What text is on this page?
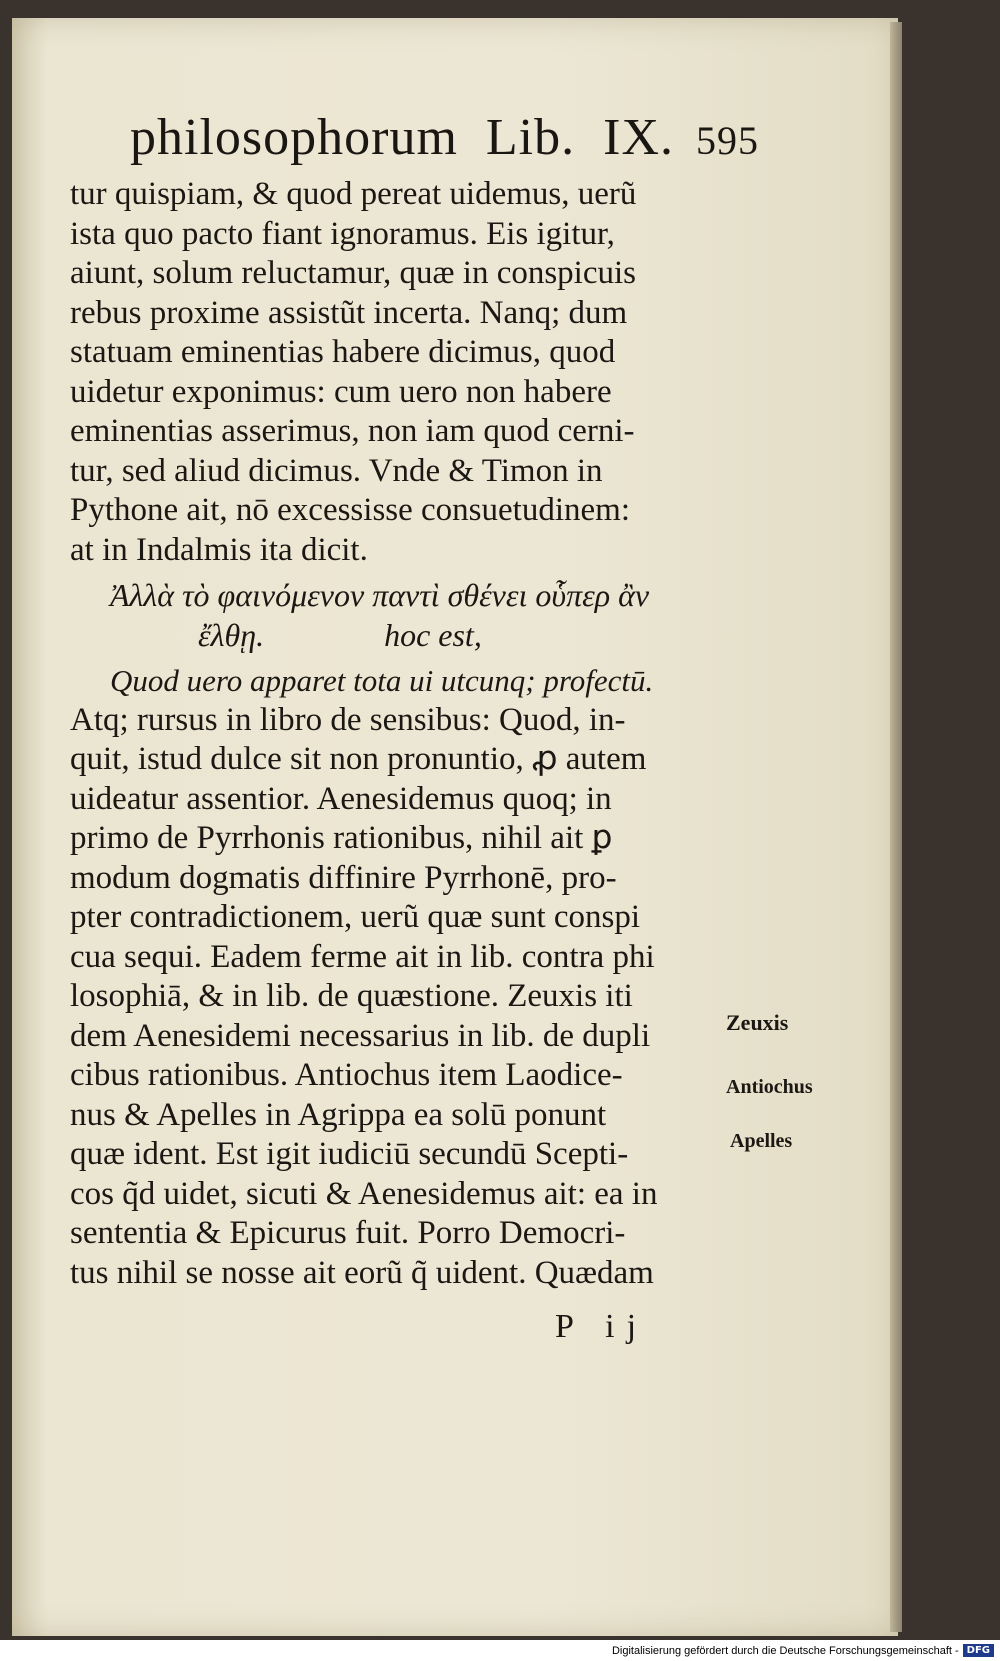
philosophorum Lib. IX. 595
tur quispiam, & quod pereat uidemus, uerũ
ista quo pacto fiant ignoramus. Eis igitur,
aiunt, solum reluctamur, quæ in conspicuis
rebus proxime assistũt incerta. Nanq; dum
statuam eminentias habere dicimus, quod
uidetur exponimus: cum uero non habere
eminentias asserimus, non iam quod cerni-
tur, sed aliud dicimus. Vnde & Timon in
Pythone ait, nō excessisse consuetudinem:
at in Indalmis ita dicit.
Ἀλλὰ τὸ φαινόμενον παντὶ σθένει οὗπερ ἂν
ἔλθῃ.	hoc est,
Quod uero apparet tota ui utcunq; profectū.
Atq; rursus in libro de sensibus: Quod, in-
quit, istud dulce sit non pronuntio, ꝓ autem
uideatur assentior. Aenesidemus quoq; in
primo de Pyrrhonis rationibus, nihil ait ꝑ
modum dogmatis diffinire Pyrrhonē, pro-
pter contradictionem, uerũ quæ sunt conspi
cua sequi. Eadem ferme ait in lib. contra phi
losophiā, & in lib. de quæstione. Zeuxis iti
dem Aenesidemi necessarius in lib. de dupli
cibus rationibus. Antiochus item Laodice-
nus & Apelles in Agrippa ea solū ponunt
quæ ident. Est igit iudiciū secundū Scepti-
cos q̃d uidet, sicuti & Aenesidemus ait: ea in
sententia & Epicurus fuit. Porro Democri-
tus nihil se nosse ait eorũ q̃ uident. Quædam
Zeuxis
Antiochus
Apelles
P ij
Digitalisierung gefördert durch die Deutsche Forschungsgemeinschaft - DFG
